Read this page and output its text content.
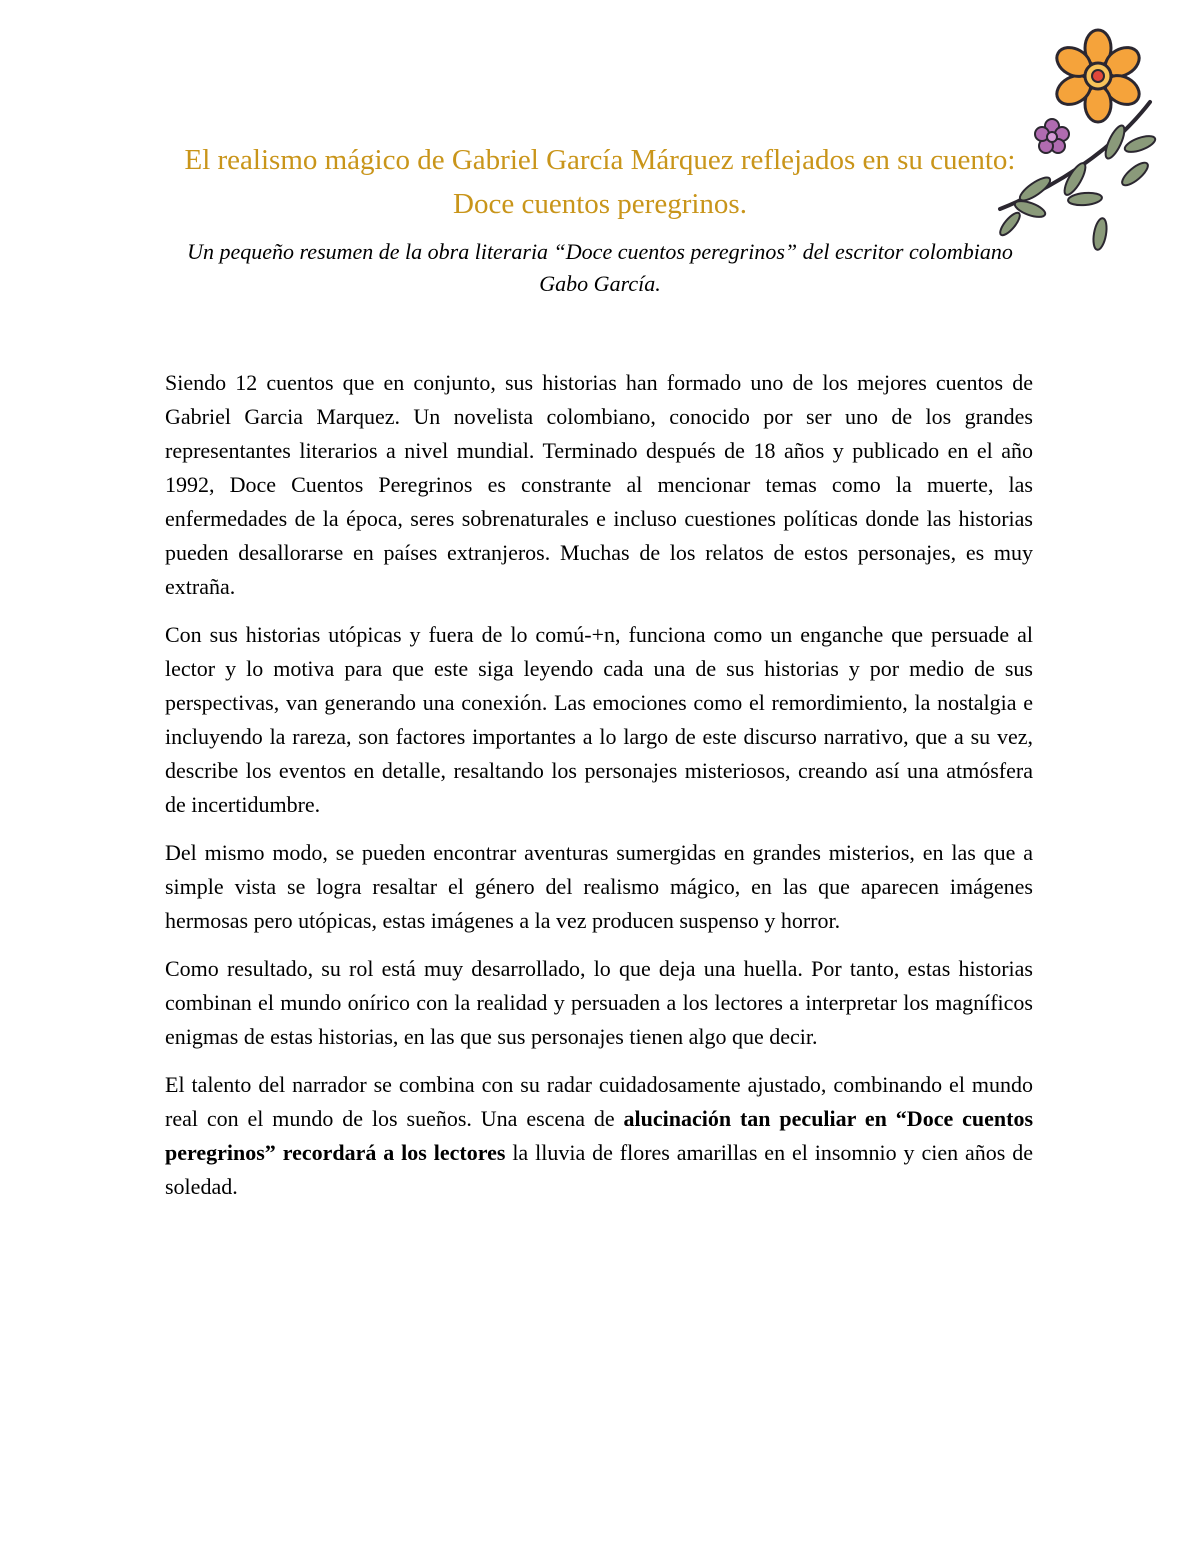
El realismo mágico de Gabriel García Márquez reflejados en su cuento: Doce cuentos peregrinos.

Un pequeño resumen de la obra literaria “Doce cuentos peregrinos” del escritor colombiano Gabo García.

Siendo 12 cuentos que en conjunto, sus historias han formado uno de los mejores cuentos de Gabriel Garcia Marquez. Un novelista colombiano, conocido por ser uno de los grandes representantes literarios a nivel mundial. Terminado después de 18 años y publicado en el año 1992, Doce Cuentos Peregrinos es constrante al mencionar temas como la muerte, las enfermedades de la época, seres sobrenaturales e incluso cuestiones políticas donde las historias pueden desallorarse en países extranjeros. Muchas de los relatos de estos personajes, es muy extraña.

Con sus historias utópicas y fuera de lo comú-+n, funciona como un enganche que persuade al lector y lo motiva para que este siga leyendo cada una de sus historias y por medio de sus perspectivas, van generando una conexión. Las emociones como el remordimiento, la nostalgia e incluyendo la rareza, son factores importantes a lo largo de este discurso narrativo, que a su vez, describe los eventos en detalle, resaltando los personajes misteriosos, creando así una atmósfera de incertidumbre.

Del mismo modo, se pueden encontrar aventuras sumergidas en grandes misterios, en las que a simple vista se logra resaltar el género del realismo mágico, en las que aparecen imágenes hermosas pero utópicas, estas imágenes a la vez producen suspenso y horror.

Como resultado, su rol está muy desarrollado, lo que deja una huella. Por tanto, estas historias combinan el mundo onírico con la realidad y persuaden a los lectores a interpretar los magníficos enigmas de estas historias, en las que sus personajes tienen algo que decir.

El talento del narrador se combina con su radar cuidadosamente ajustado, combinando el mundo real con el mundo de los sueños. Una escena de alucinación tan peculiar en “Doce cuentos peregrinos” recordará a los lectores la lluvia de flores amarillas en el insomnio y cien años de soledad.
